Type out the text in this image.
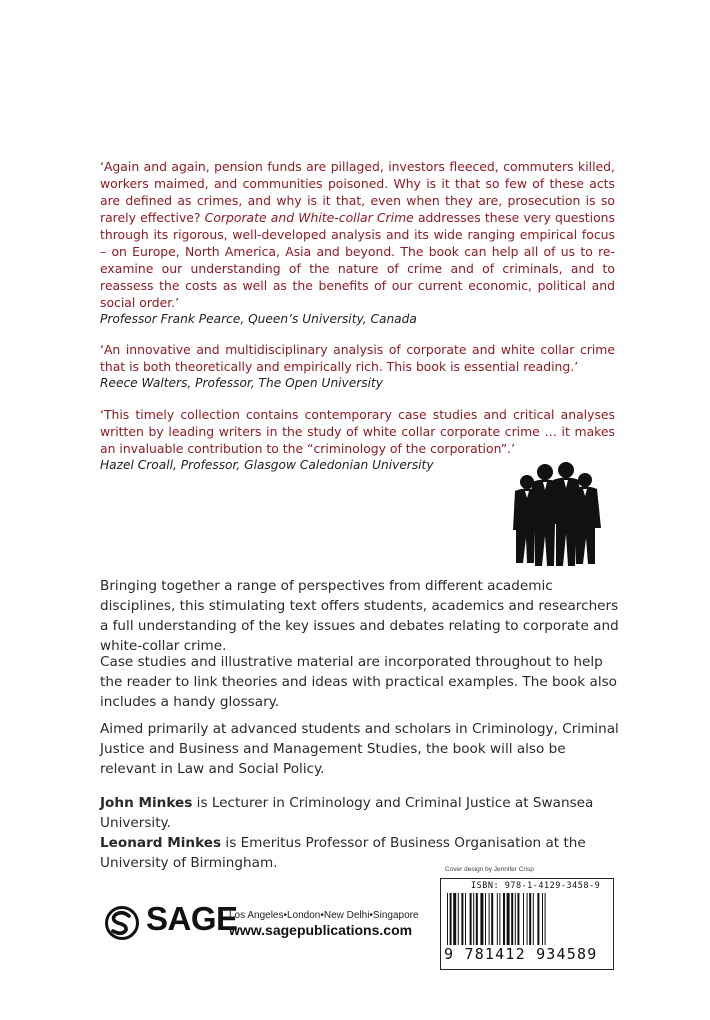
‘Again and again, pension funds are pillaged, investors fleeced, commuters killed, workers maimed, and communities poisoned. Why is it that so few of these acts are defined as crimes, and why is it that, even when they are, prosecution is so rarely effective? Corporate and White-collar Crime addresses these very questions through its rigorous, well-developed analysis and its wide ranging empirical focus – on Europe, North America, Asia and beyond. The book can help all of us to re-examine our understanding of the nature of crime and of criminals, and to reassess the costs as well as the benefits of our current economic, political and social order.’

Professor Frank Pearce, Queen’s University, Canada

‘An innovative and multidisciplinary analysis of corporate and white collar crime that is both theoretically and empirically rich. This book is essential reading.’

Reece Walters, Professor, The Open University

‘This timely collection contains contemporary case studies and critical analyses written by leading writers in the study of white collar corporate crime … it makes an invaluable contribution to the “criminology of the corporation”.’

Hazel Croall, Professor, Glasgow Caledonian University

Bringing together a range of perspectives from different academic disciplines, this stimulating text offers students, academics and researchers a full understanding of the key issues and debates relating to corporate and white-collar crime.

Case studies and illustrative material are incorporated throughout to help the reader to link theories and ideas with practical examples. The book also includes a handy glossary.

Aimed primarily at advanced students and scholars in Criminology, Criminal Justice and Business and Management Studies, the book will also be relevant in Law and Social Policy.

John Minkes is Lecturer in Criminology and Criminal Justice at Swansea University.

Leonard Minkes is Emeritus Professor of Business Organisation at the University of Birmingham.	Cover design by Jennifer Crisp
SAGE

Los Angeles•London•New Delhi•Singapore

www.sagepublications.com

ISBN: 978-1-4129-3458-9
9 781412 934589
